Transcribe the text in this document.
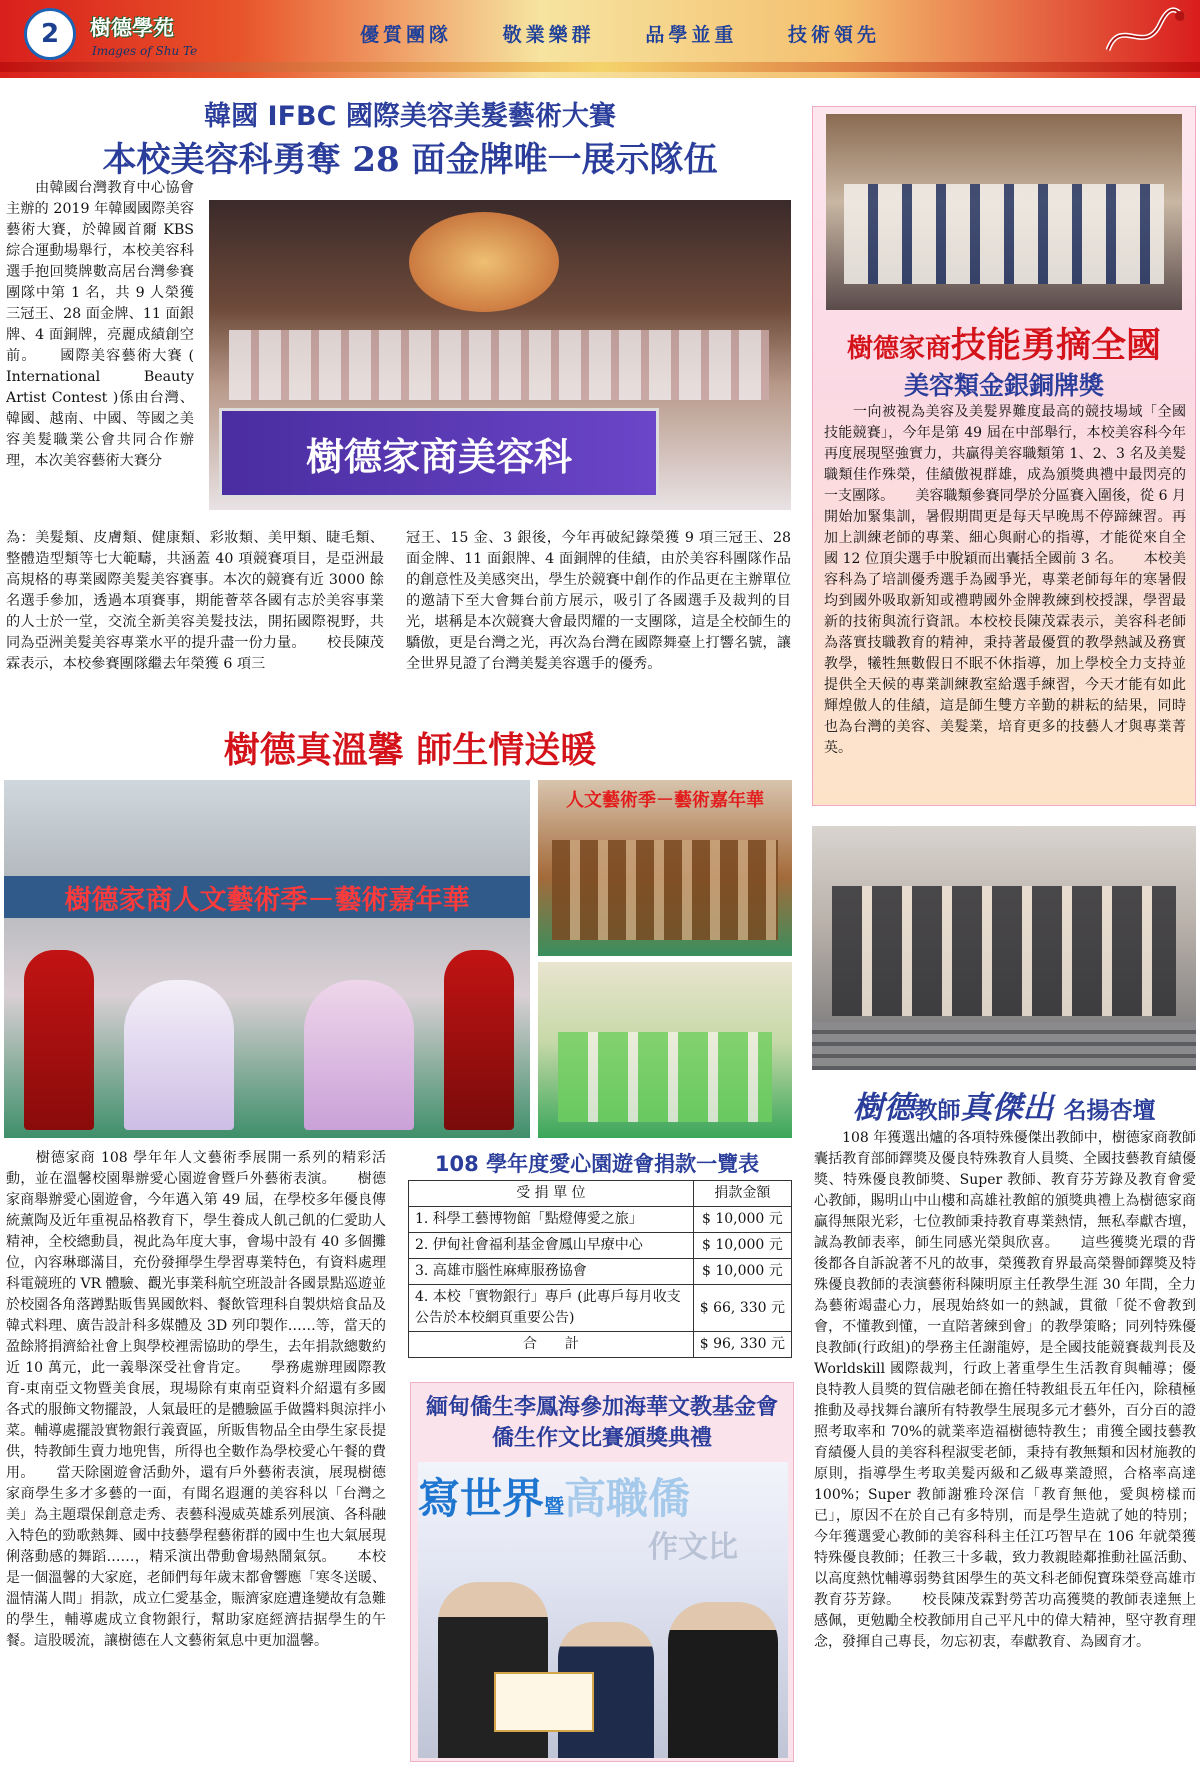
2	樹德學苑
Images of Shu Te
優質團隊	敬業樂群	品學並重	技術領先
韓國 IFBC 國際美容美髮藝術大賽
本校美容科勇奪 28 面金牌唯一展示隊伍
　　由韓國台灣教育中心協會主辦的 2019 年韓國國際美容藝術大賽，於韓國首爾 KBS 綜合運動場舉行，本校美容科選手抱回獎牌數高居台灣參賽團隊中第 1 名，共 9 人榮獲三冠王、28 面金牌、11 面銀牌、4 面銅牌，亮麗成績創空前。　　國際美容藝術大賽 ( International Beauty Artist Contest )係由台灣、韓國、越南、中國、等國之美容美髮職業公會共同合作辦理，本次美容藝術大賽分	樹德家商美容科
為：美髮類、皮膚類、健康類、彩妝類、美甲類、睫毛類、整體造型類等七大範疇，共涵蓋 40 項競賽項目，是亞洲最高規格的專業國際美髮美容賽事。本次的競賽有近 3000 餘名選手參加，透過本項賽事，期能薈萃各國有志於美容事業的人士於一堂，交流全新美容美髮技法，開拓國際視野，共同為亞洲美髮美容專業水平的提升盡一份力量。　　校長陳茂霖表示，本校參賽團隊繼去年榮獲 6 項三
冠王、15 金、3 銀後，今年再破紀錄榮獲 9 項三冠王、28 面金牌、11 面銀牌、4 面銅牌的佳績，由於美容科團隊作品的創意性及美感突出，學生於競賽中創作的作品更在主辦單位的邀請下至大會舞台前方展示，吸引了各國選手及裁判的目光，堪稱是本次競賽大會最閃耀的一支團隊，這是全校師生的驕傲，更是台灣之光，再次為台灣在國際舞臺上打響名號，讓全世界見證了台灣美髮美容選手的優秀。
樹德家商技能勇摘全國
美容類金銀銅牌獎
　　一向被視為美容及美髮界難度最高的競技場域「全國技能競賽」，今年是第 49 屆在中部舉行，本校美容科今年再度展現堅強實力，共贏得美容職類第 1、2、3 名及美髮職類佳作殊榮，佳績傲視群雄，成為頒獎典禮中最閃亮的一支團隊。　　美容職類參賽同學於分區賽入圍後，從 6 月開始加緊集訓，暑假期間更是每天早晚馬不停蹄練習。再加上訓練老師的專業、細心與耐心的指導，才能從來自全國 12 位頂尖選手中脫穎而出囊括全國前 3 名。　　本校美容科為了培訓優秀選手為國爭光，專業老師每年的寒暑假均到國外吸取新知或禮聘國外金牌教練到校授課，學習最新的技術與流行資訊。本校校長陳茂霖表示，美容科老師為落實技職教育的精神，秉持著最優質的教學熱誠及務實教學，犧牲無數假日不眠不休指導，加上學校全力支持並提供全天候的專業訓練教室給選手練習，今天才能有如此輝煌傲人的佳績，這是師生雙方辛勤的耕耘的結果，同時也為台灣的美容、美髮業，培育更多的技藝人才與專業菁英。
樹德真溫馨 師生情送暖
樹德家商人文藝術季－藝術嘉年華
人文藝術季－藝術嘉年華
　　樹德家商 108 學年年人文藝術季展開一系列的精彩活動，並在溫馨校園舉辦愛心園遊會暨戶外藝術表演。　　樹德家商舉辦愛心園遊會，今年邁入第 49 屆，在學校多年優良傳統薰陶及近年重視品格教育下，學生養成人飢己飢的仁愛助人精神，全校總動員，視此為年度大事，會場中設有 40 多個攤位，內容琳瑯滿目，充份發揮學生學習專業特色，有資料處理科電競班的 VR 體驗、觀光事業科航空班設計各國景點巡遊並於校園各角落蹲點販售異國飲料、餐飲管理科自製烘焙食品及韓式料理、廣告設計科多媒體及 3D 列印製作……等，當天的盈餘將捐濟給社會上與學校裡需協助的學生，去年捐款總數約近 10 萬元，此一義舉深受社會肯定。　　學務處辦理國際教育-東南亞文物暨美食展，現場除有東南亞資料介紹還有多國各式的服飾文物擺設，人氣最旺的是體驗區手做醬料與涼拌小菜。輔導處擺設實物銀行義賣區，所販售物品全由學生家長提供，特教師生賣力地兜售，所得也全數作為學校愛心午餐的費用。　　當天除園遊會活動外，還有戶外藝術表演，展現樹德家商學生多才多藝的一面，有聞名遐邇的美容科以「台灣之美」為主題環保創意走秀、表藝科漫威英雄系列展演、各科融入特色的勁歌熱舞、國中技藝學程藝術群的國中生也大氣展現俐落動感的舞蹈……，精采演出帶動會場熱鬧氣氛。　　本校是一個溫馨的大家庭，老師們每年歲末都會響應「寒冬送暖、溫情滿人間」捐款，成立仁愛基金，賑濟家庭遭逢變故有急難的學生，輔導處成立食物銀行，幫助家庭經濟拮据學生的午餐。這股暖流，讓樹德在人文藝術氣息中更加溫馨。
108 學年度愛心園遊會捐款一覽表
受 捐 單 位	捐款金額
1. 科學工藝博物館「點燈傳愛之旅」	$ 10,000 元
2. 伊甸社會福利基金會鳳山早療中心	$ 10,000 元
3. 高雄市腦性麻痺服務協會	$ 10,000 元
4. 本校「實物銀行」專戶 (此專戶每月收支公告於本校網頁重要公告)	$ 66, 330 元
合　　計	$ 96, 330 元
緬甸僑生李鳳海參加海華文教基金會僑生作文比賽頒獎典禮
寫世界暨高職僑
作文比
樹德教師真傑出 名揚杏壇
　　108 年獲選出爐的各項特殊優傑出教師中，樹德家商教師囊括教育部師鐸獎及優良特殊教育人員獎、全國技藝教育績優獎、特殊優良教師獎、Super 教師、教育芬芳錄及教育會愛心教師，賜明山中山樓和高雄社教館的頒獎典禮上為樹德家商贏得無限光彩，七位教師秉持教育專業熱情，無私奉獻杏壇，誠為教師表率，師生同感光榮與欣喜。　　這些獲獎光環的背後都各自訴說著不凡的故事，榮獲教育界最高榮譽師鐸獎及特殊優良教師的表演藝術科陳明原主任教學生涯 30 年間，全力為藝術竭盡心力，展現始終如一的熱誠，貫徹「從不會教到會，不懂教到懂，一直陪著練到會」的教學策略；同列特殊優良教師(行政組)的學務主任謝龍婷，是全國技能競賽裁判長及 Worldskill 國際裁判，行政上著重學生生活教育與輔導；優良特教人員獎的賀信融老師在擔任特教組長五年任內，除積極推動及尋找舞台讓所有特教學生展現多元才藝外，百分百的證照考取率和 70%的就業率造福樹德特教生；甫獲全國技藝教育績優人員的美容科程淑雯老師，秉持有教無類和因材施教的原則，指導學生考取美髮丙級和乙級專業證照，合格率高達 100%；Super 教師謝雅玲深信「教育無他，愛與榜樣而已」，原因不在於自己有多特別，而是學生造就了她的特別；今年獲選愛心教師的美容科科主任江巧智早在 106 年就榮獲特殊優良教師；任教三十多載，致力教親睦鄰推動社區活動、以高度熱忱輔導弱勢貧困學生的英文科老師倪寶珠榮登高雄市教育芬芳錄。　　校長陳茂霖對勞苦功高獲獎的教師表達無上感佩，更勉勵全校教師用自己平凡中的偉大精神，堅守教育理念，發揮自己專長，勿忘初衷，奉獻教育、為國育才。
